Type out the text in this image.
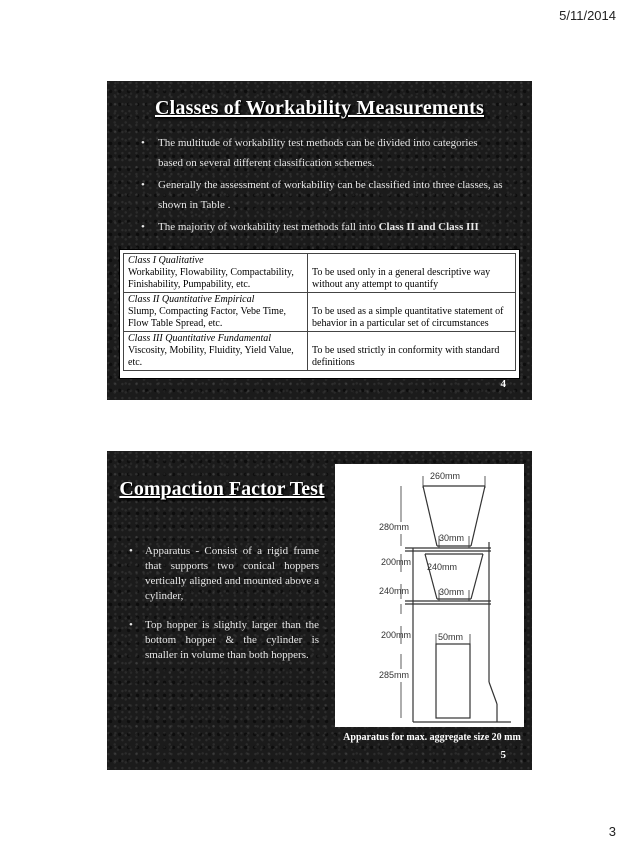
5/11/2014
Classes of Workability Measurements
• The multitude of workability test methods can be divided into categories based on several different classification schemes.
• Generally the assessment of workability can be classified into three classes, as shown in Table .
• The majority of workability test methods fall into Class II and Class III
Class I Qualitative
Workability, Flowability, Compactability, Finishability, Pumpability, etc.	To be used only in a general descriptive way without any attempt to quantify

Class II Quantitative Empirical
Slump, Compacting Factor, Vebe Time, Flow Table Spread, etc.	To be used as a simple quantitative statement of behavior in a particular set of circumstances

Class III Quantitative Fundamental
Viscosity, Mobility, Fluidity, Yield Value, etc.	To be used strictly in conformity with standard definitions
4
Compaction Factor Test
• Apparatus - Consist of a rigid frame that supports two conical hoppers vertically aligned and mounted above a cylinder,
• Top hopper is slightly larger than the bottom hopper & the cylinder is smaller in volume than both hoppers.
260mm
30mm
280mm
200mm 240mm
240mm	30mm
200mm	50mm
285mm
Apparatus for max. aggregate size 20 mm
5
3
